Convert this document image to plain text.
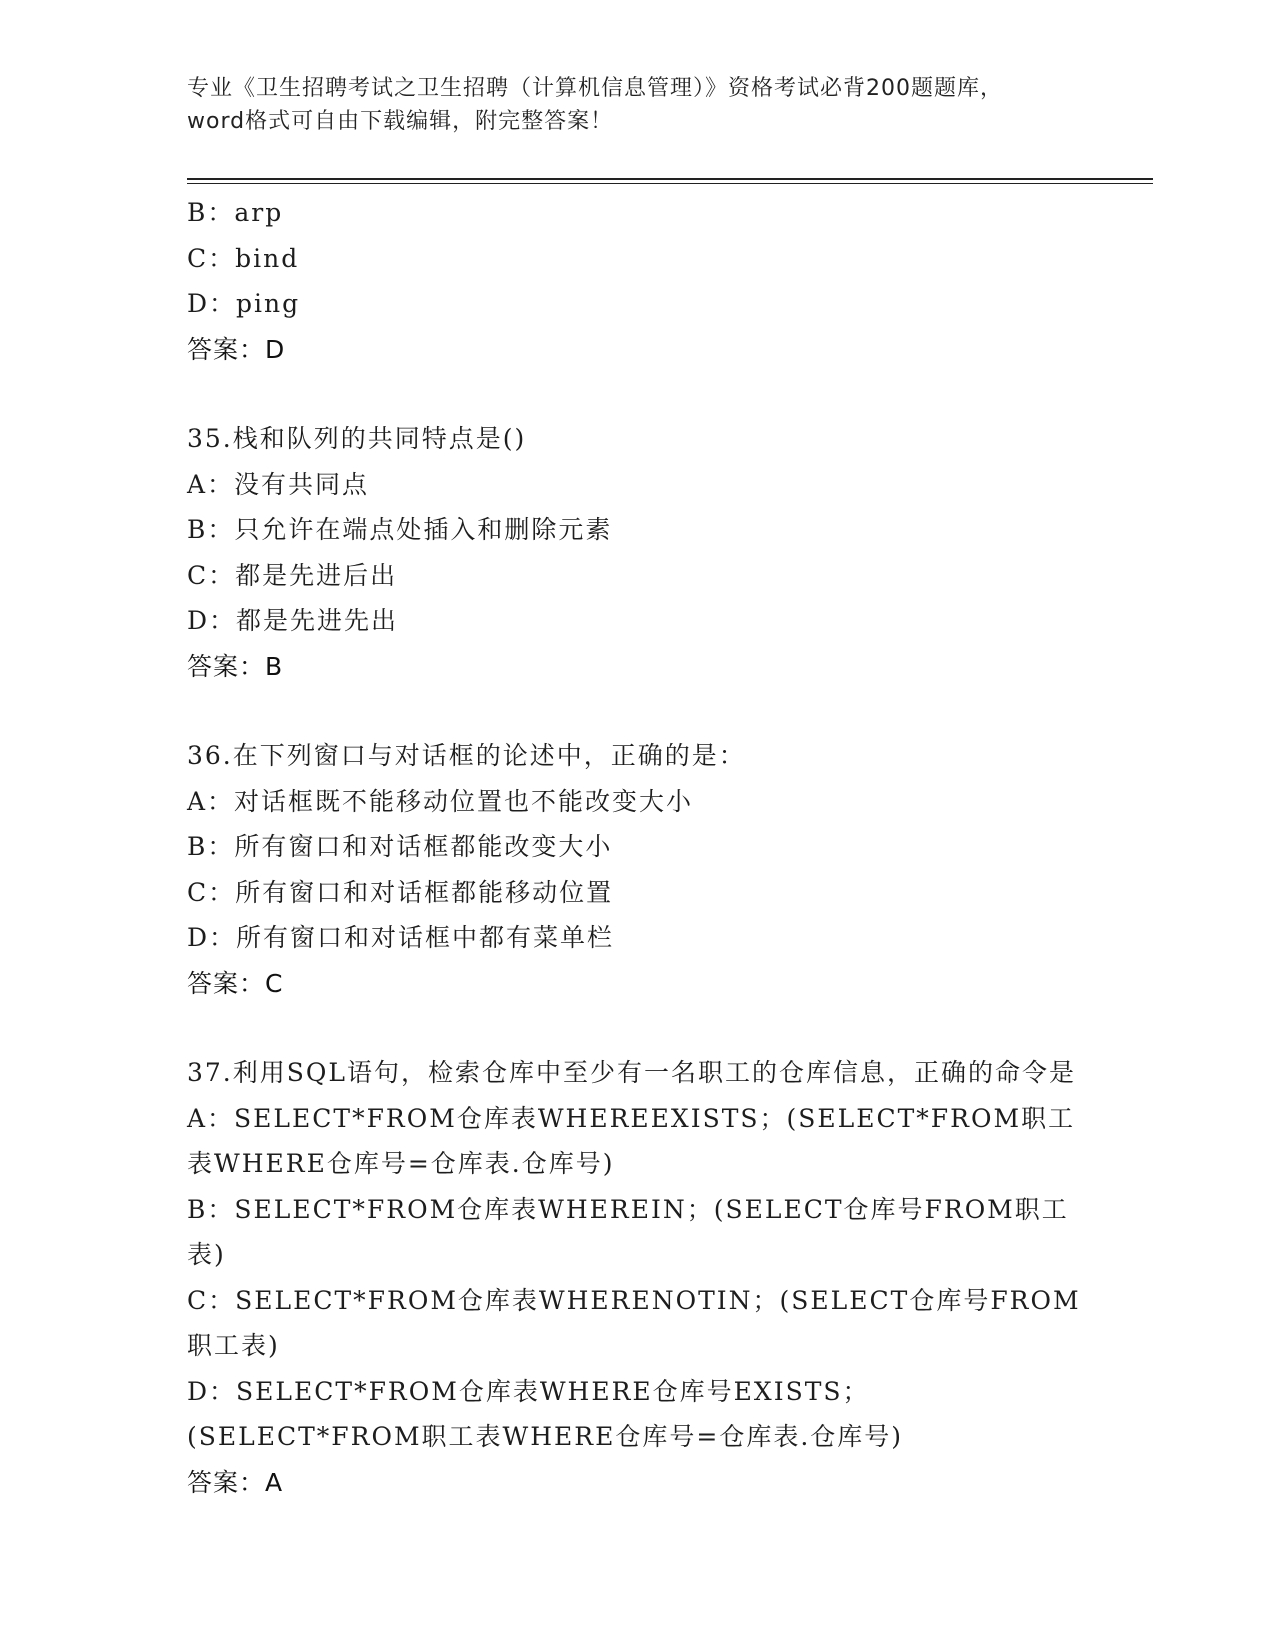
专业《卫生招聘考试之卫生招聘（计算机信息管理）》资格考试必背200题题库，
word格式可自由下载编辑，附完整答案！
B：arp
C：bind
D：ping
答案：D
35.栈和队列的共同特点是()
A：没有共同点
B：只允许在端点处插入和删除元素
C：都是先进后出
D：都是先进先出
答案：B
36.在下列窗口与对话框的论述中，正确的是：
A：对话框既不能移动位置也不能改变大小
B：所有窗口和对话框都能改变大小
C：所有窗口和对话框都能移动位置
D：所有窗口和对话框中都有菜单栏
答案：C
37.利用SQL语句，检索仓库中至少有一名职工的仓库信息，正确的命令是
A：SELECT*FROM仓库表WHEREEXISTS；(SELECT*FROM职工表WHERE仓库号=仓库表.仓库号)
B：SELECT*FROM仓库表WHEREIN；(SELECT仓库号FROM职工表)
C：SELECT*FROM仓库表WHERENOTIN；(SELECT仓库号FROM职工表)
D：SELECT*FROM仓库表WHERE仓库号EXISTS；(SELECT*FROM职工表WHERE仓库号=仓库表.仓库号)
答案：A
